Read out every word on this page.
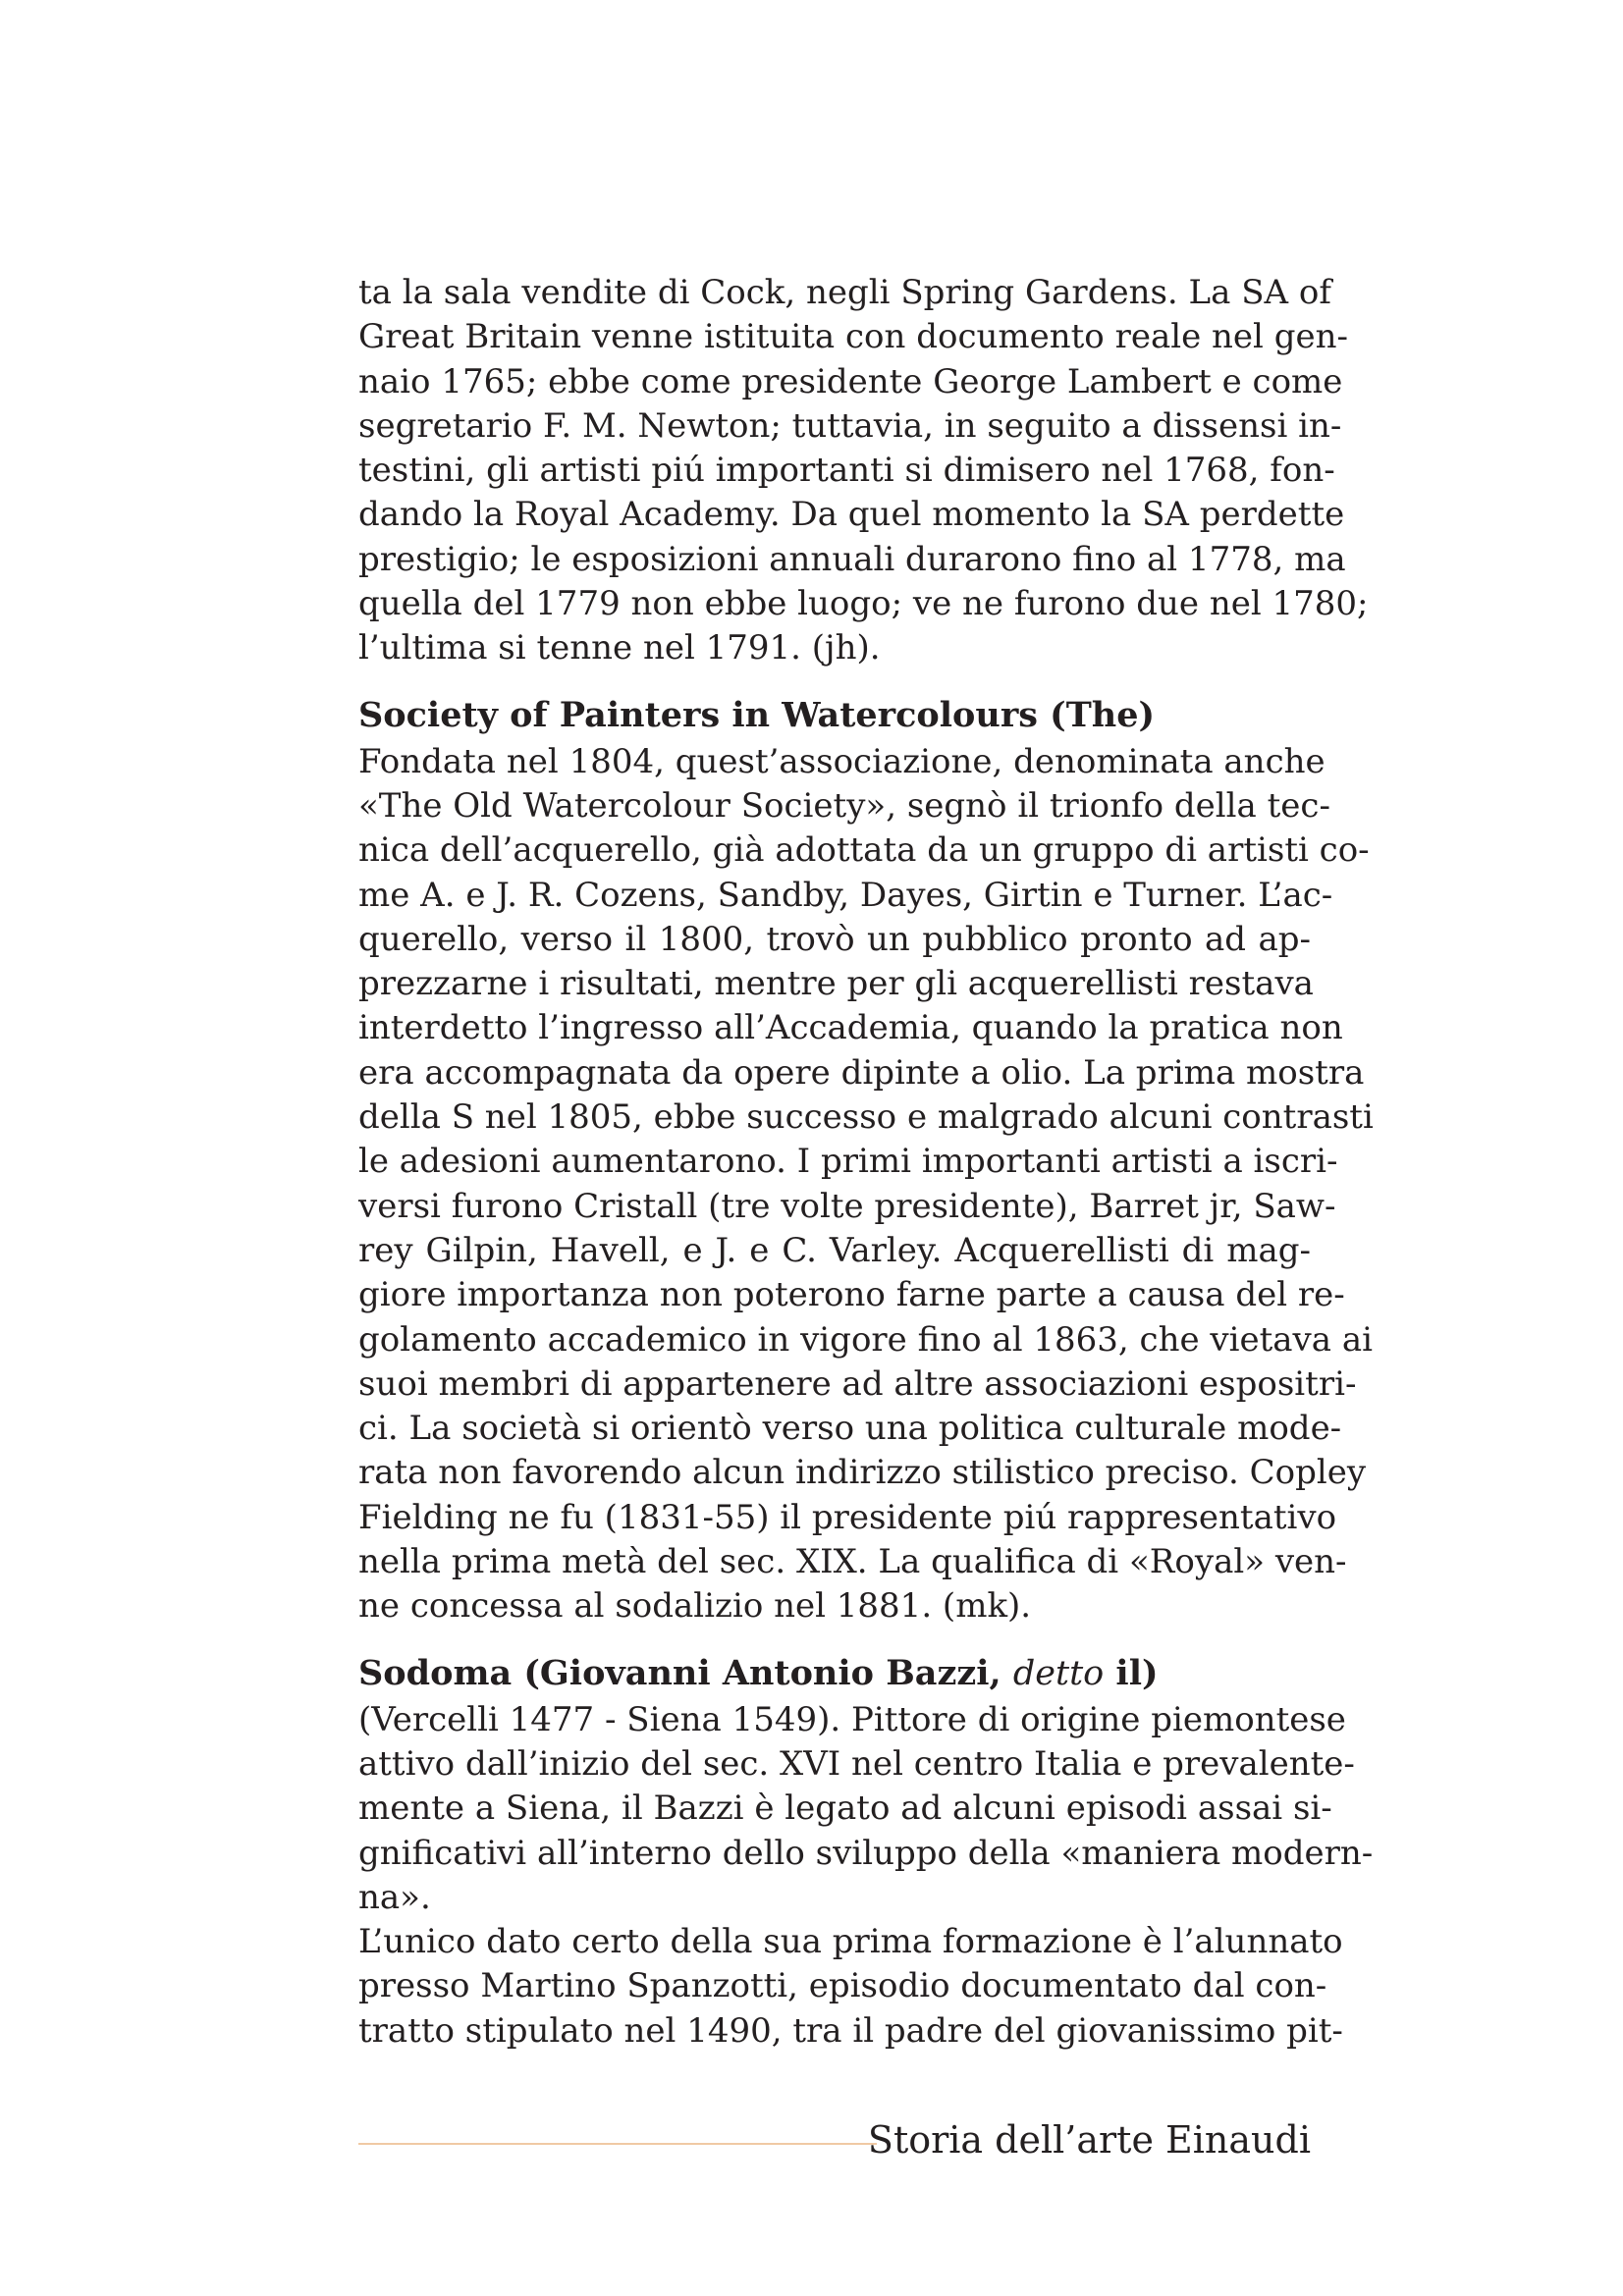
ta la sala vendite di Cock, negli Spring Gardens. La SA of
Great Britain venne istituita con documento reale nel gen-
naio 1765; ebbe come presidente George Lambert e come
segretario F. M. Newton; tuttavia, in seguito a dissensi in-
testini, gli artisti piú importanti si dimisero nel 1768, fon-
dando la Royal Academy. Da quel momento la SA perdette
prestigio; le esposizioni annuali durarono fino al 1778, ma
quella del 1779 non ebbe luogo; ve ne furono due nel 1780;
l’ultima si tenne nel 1791. (jh).
Society of Painters in Watercolours (The)
Fondata nel 1804, quest’associazione, denominata anche
«The Old Watercolour Society», segnò il trionfo della tec-
nica dell’acquerello, già adottata da un gruppo di artisti co-
me A. e J. R. Cozens, Sandby, Dayes, Girtin e Turner. L’ac-
querello, verso il 1800, trovò un pubblico pronto ad ap-
prezzarne i risultati, mentre per gli acquerellisti restava
interdetto l’ingresso all’Accademia, quando la pratica non
era accompagnata da opere dipinte a olio. La prima mostra
della S nel 1805, ebbe successo e malgrado alcuni contrasti
le adesioni aumentarono. I primi importanti artisti a iscri-
versi furono Cristall (tre volte presidente), Barret jr, Saw-
rey Gilpin, Havell, e J. e C. Varley. Acquerellisti di mag-
giore importanza non poterono farne parte a causa del re-
golamento accademico in vigore fino al 1863, che vietava ai
suoi membri di appartenere ad altre associazioni espositri-
ci. La società si orientò verso una politica culturale mode-
rata non favorendo alcun indirizzo stilistico preciso. Copley
Fielding ne fu (1831-55) il presidente piú rappresentativo
nella prima metà del sec. XIX. La qualifica di «Royal» ven-
ne concessa al sodalizio nel 1881. (mk).
Sodoma (Giovanni Antonio Bazzi, detto il)
(Vercelli 1477 - Siena 1549). Pittore di origine piemontese
attivo dall’inizio del sec. XVI nel centro Italia e prevalente-
mente a Siena, il Bazzi è legato ad alcuni episodi assai si-
gnificativi all’interno dello sviluppo della «maniera modern-
na».
L’unico dato certo della sua prima formazione è l’alunnato
presso Martino Spanzotti, episodio documentato dal con-
tratto stipulato nel 1490, tra il padre del giovanissimo pit-
Storia dell’arte Einaudi
